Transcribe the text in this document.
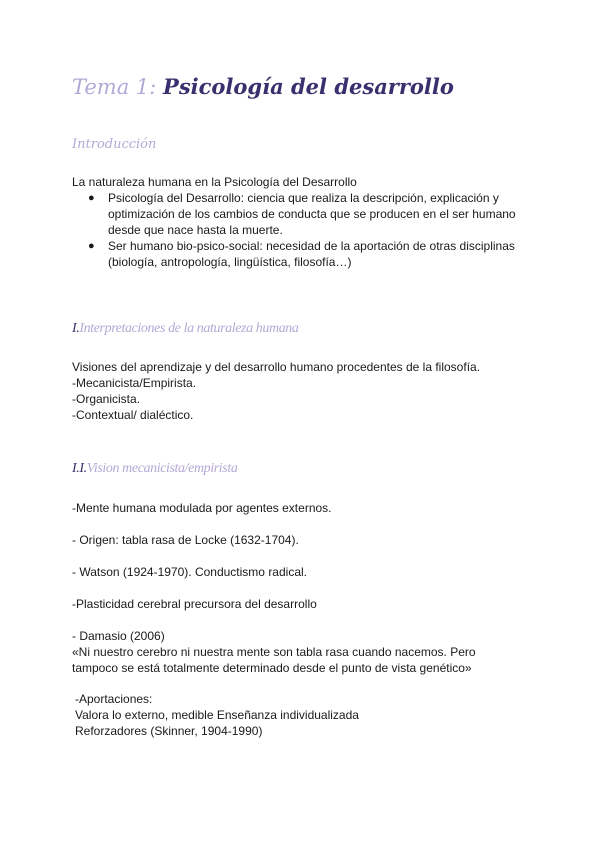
Tema 1: Psicología del desarrollo
Introducción
La naturaleza humana en la Psicología del Desarrollo
● Psicología del Desarrollo: ciencia que realiza la descripción, explicación y
optimización de los cambios de conducta que se producen en el ser humano
desde que nace hasta la muerte.
● Ser humano bio-psico-social: necesidad de la aportación de otras disciplinas
(biología, antropología, lingüística, filosofía…)
I.Interpretaciones de la naturaleza humana
Visiones del aprendizaje y del desarrollo humano procedentes de la filosofía.
-Mecanicista/Empirista.
-Organicista.
-Contextual/ dialéctico.
I.I.Vision mecanicista/empirista

-Mente humana modulada por agentes externos.

- Origen: tabla rasa de Locke (1632-1704).

- Watson (1924-1970). Conductismo radical.

-Plasticidad cerebral precursora del desarrollo

- Damasio (2006)
«Ni nuestro cerebro ni nuestra mente son tabla rasa cuando nacemos. Pero
tampoco se está totalmente determinado desde el punto de vista genético»
-Aportaciones:
Valora lo externo, medible Enseñanza individualizada
Reforzadores (Skinner, 1904-1990)
